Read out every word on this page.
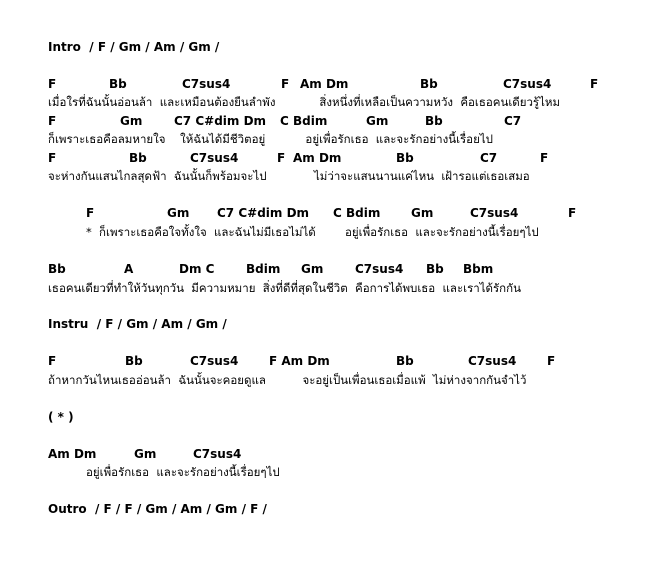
Intro  / F / Gm / Am / Gm /

F

	Bb

	C7sus4

	F

Am Dm

	Bb

	C7sus4

	F

เมื่อใรที่ฉันนั้นอ่อนล้า  และเหมือนต้องยืนลำพัง            สิ่งหนึ่งที่เหลือเป็นความหวัง  คือเธอคนเดียวรู้ไหม

F

	Gm

	C7 C#dim Dm

C Bdim

	Gm

	Bb

	C7

ก็เพราะเธอคือลมหายใจ    ให้ฉันได้มีชีวิตอยู่           อยู่เพื่อรักเธอ  และจะรักอย่างนี้เรื่อยไป

F

	Bb

	C7sus4

	F

Am Dm

	Bb

	C7

	F

จะห่างกันแสนไกลสุดฟ้า  ฉันนั้นก็พร้อมจะไป             ไม่ว่าจะแสนนานแค่ไหน  เฝ้ารอแต่เธอเสมอ

F

	Gm

C7 C#dim Dm

C Bdim

	Gm

	C7sus4

	F

*  ก็เพราะเธอคือใจทั้งใจ  และฉันไม่มีเธอไม่ได้        อยู่เพื่อรักเธอ  และจะรักอย่างนี้เรื่อยๆไป

Bb

	A

	Dm C

	Bdim

Gm

	C7sus4

Bb

Bbm

เธอคนเดียวที่ทำให้วันทุกวัน  มีความหมาย  สิ่งที่ดีที่สุดในชีวิต  คือการได้พบเธอ  และเราได้รักกัน
Instru  / F / Gm / Am / Gm /

F

	Bb

	C7sus4

	F Am Dm

	Bb

	C7sus4

	F

ถ้าหากวันไหนเธออ่อนล้า  ฉันนั้นจะคอยดูแล          จะอยู่เป็นเพื่อนเธอเมื่อแพ้  ไม่ห่างจากกันจำไว้
( * )

Am Dm

	Gm

	C7sus4

อยู่เพื่อรักเธอ  และจะรักอย่างนี้เรื่อยๆไป
Outro  / F / F / Gm / Am / Gm / F /
